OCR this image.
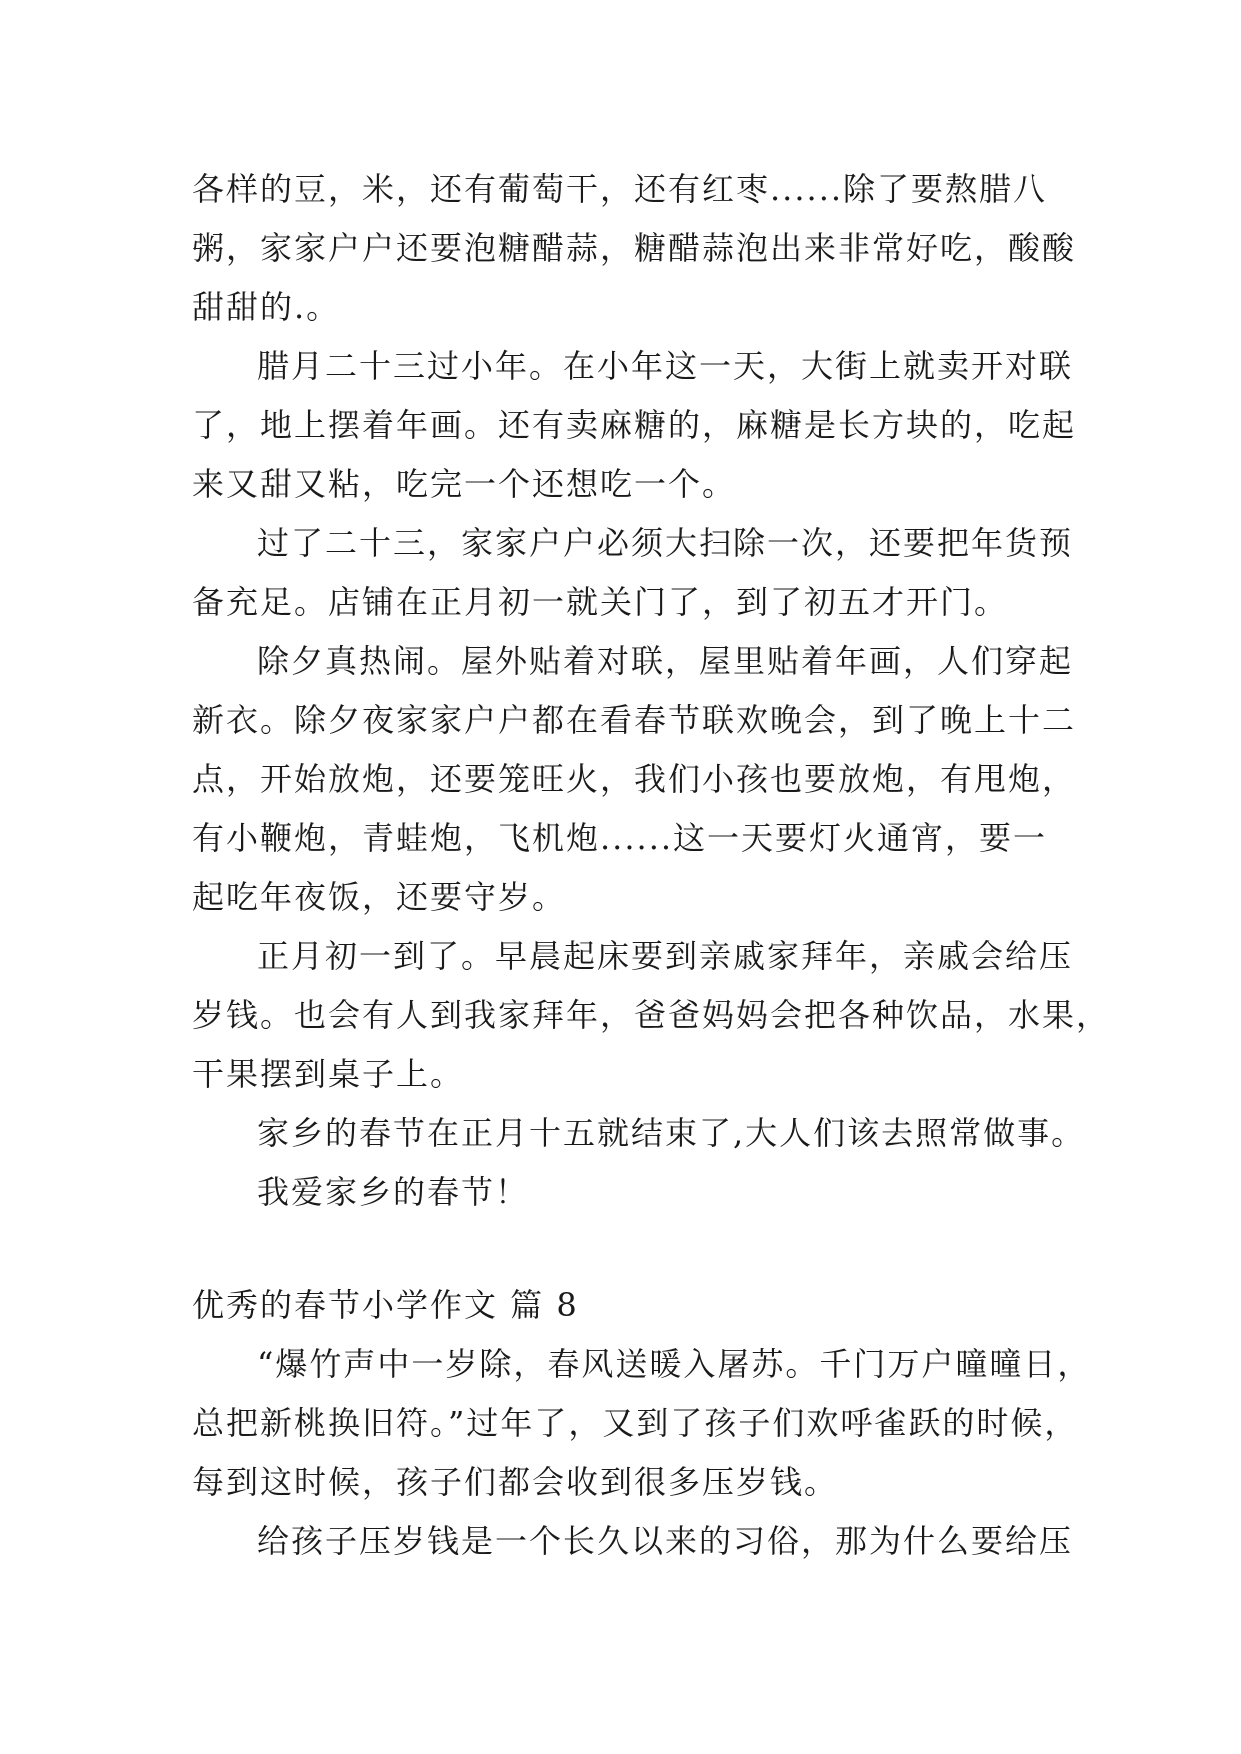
各样的豆，米，还有葡萄干，还有红枣......除了要熬腊八
粥，家家户户还要泡糖醋蒜，糖醋蒜泡出来非常好吃，酸酸
甜甜的.。
腊月二十三过小年。在小年这一天，大街上就卖开对联
了，地上摆着年画。还有卖麻糖的，麻糖是长方块的，吃起
来又甜又粘，吃完一个还想吃一个。
过了二十三，家家户户必须大扫除一次，还要把年货预
备充足。店铺在正月初一就关门了，到了初五才开门。
除夕真热闹。屋外贴着对联，屋里贴着年画，人们穿起
新衣。除夕夜家家户户都在看春节联欢晚会，到了晚上十二
点，开始放炮，还要笼旺火，我们小孩也要放炮，有甩炮，
有小鞭炮，青蛙炮，飞机炮......这一天要灯火通宵，要一
起吃年夜饭，还要守岁。
正月初一到了。早晨起床要到亲戚家拜年，亲戚会给压
岁钱。也会有人到我家拜年，爸爸妈妈会把各种饮品，水果，
干果摆到桌子上。
家乡的春节在正月十五就结束了,大人们该去照常做事。
我爱家乡的春节！
优秀的春节小学作文 篇 8
“爆竹声中一岁除，春风送暖入屠苏。千门万户曈曈日，
总把新桃换旧符。”过年了，又到了孩子们欢呼雀跃的时候，
每到这时候，孩子们都会收到很多压岁钱。
给孩子压岁钱是一个长久以来的习俗，那为什么要给压
